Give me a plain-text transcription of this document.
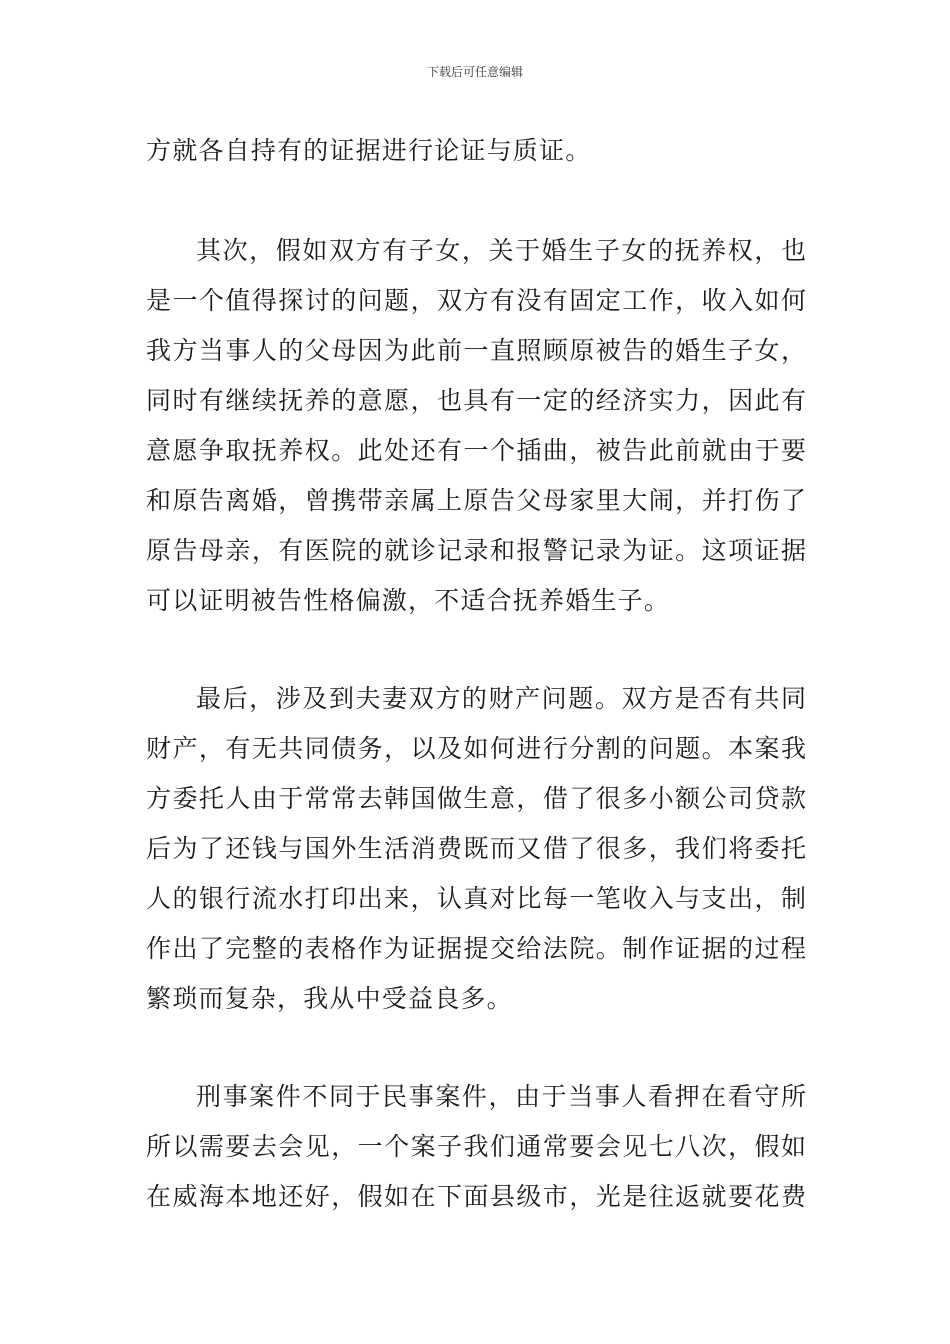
下载后可任意编辑
方就各自持有的证据进行论证与质证。
其次，假如双方有子女，关于婚生子女的抚养权，也
是一个值得探讨的问题，双方有没有固定工作，收入如何
我方当事人的父母因为此前一直照顾原被告的婚生子女，
同时有继续抚养的意愿，也具有一定的经济实力，因此有
意愿争取抚养权。此处还有一个插曲，被告此前就由于要
和原告离婚，曾携带亲属上原告父母家里大闹，并打伤了
原告母亲，有医院的就诊记录和报警记录为证。这项证据
可以证明被告性格偏激，不适合抚养婚生子。
最后，涉及到夫妻双方的财产问题。双方是否有共同
财产，有无共同债务，以及如何进行分割的问题。本案我
方委托人由于常常去韩国做生意，借了很多小额公司贷款
后为了还钱与国外生活消费既而又借了很多，我们将委托
人的银行流水打印出来，认真对比每一笔收入与支出，制
作出了完整的表格作为证据提交给法院。制作证据的过程
繁琐而复杂，我从中受益良多。
刑事案件不同于民事案件，由于当事人看押在看守所
所以需要去会见，一个案子我们通常要会见七八次，假如
在威海本地还好，假如在下面县级市，光是往返就要花费
